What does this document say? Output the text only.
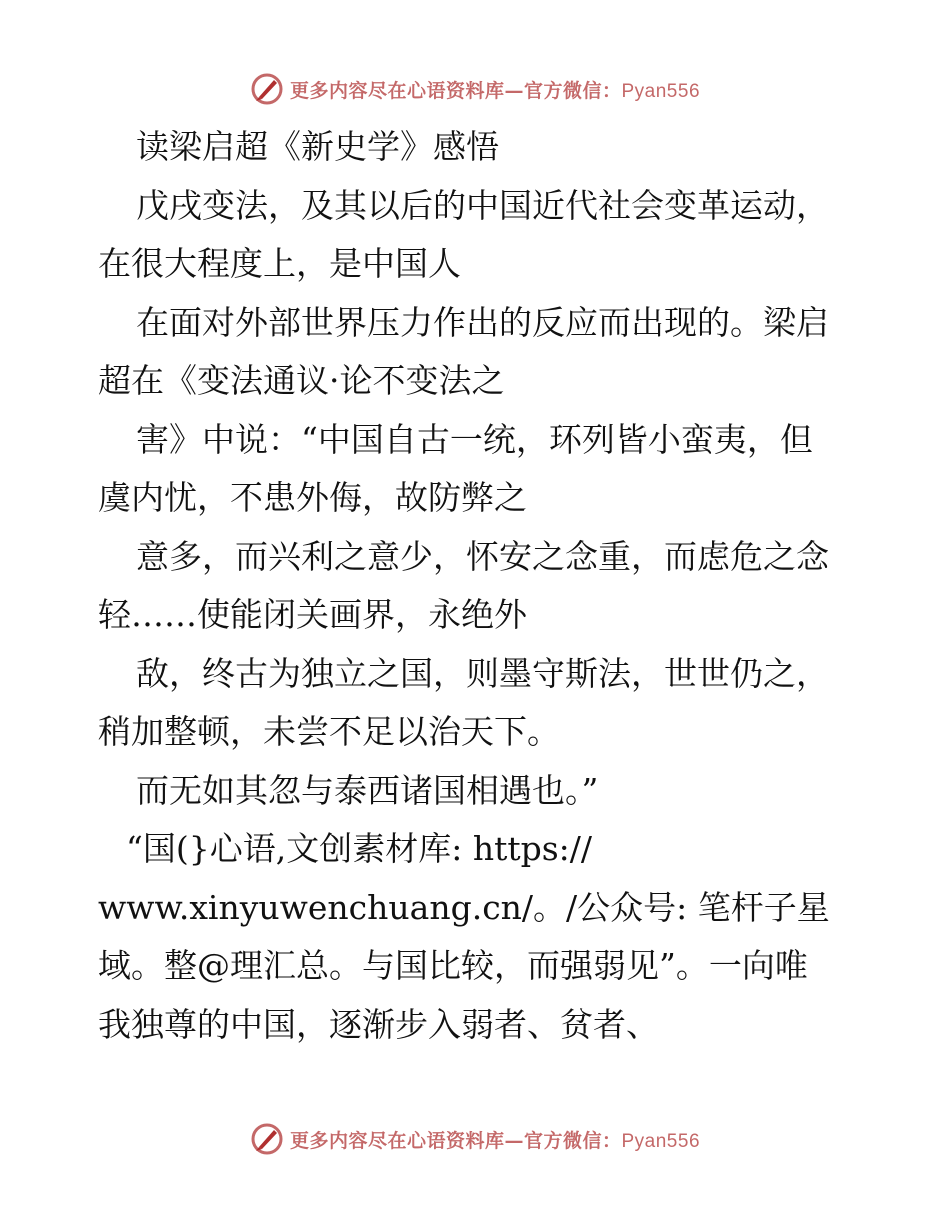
更多内容尽在心语资料库—官方微信：Pyan556
读梁启超《新史学》感悟
戊戌变法，及其以后的中国近代社会变革运动，
在很大程度上，是中国人
在面对外部世界压力作出的反应而出现的。梁启
超在《变法通议·论不变法之
害》中说：“中国自古一统，环列皆小蛮夷，但
虞内忧，不患外侮，故防弊之
意多，而兴利之意少，怀安之念重，而虑危之念
轻……使能闭关画界，永绝外
敌，终古为独立之国，则墨守斯法，世世仍之，
稍加整顿，未尝不足以治天下。
而无如其忽与泰西诸国相遇也。”
“国(}心语,文创素材库: https://
www.xinyuwenchuang.cn/。/公众号: 笔杆子星
域。整@理汇总。与国比较，而强弱见”。一向唯
我独尊的中国，逐渐步入弱者、贫者、
更多内容尽在心语资料库—官方微信：Pyan556
